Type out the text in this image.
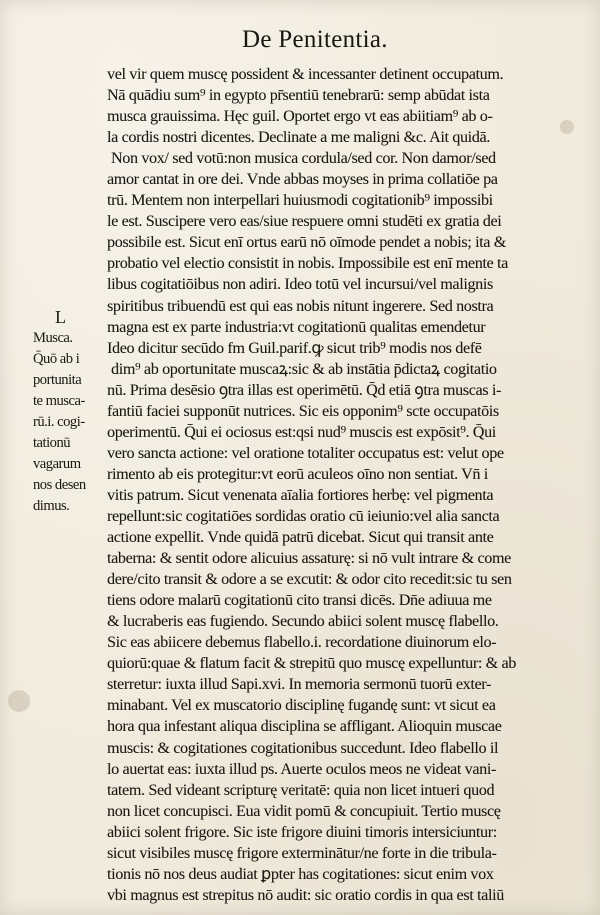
De Penitentia.
vel vir quem muscę possident & incessanter detinent occupatum.
Nā quādiu sum⁹ in egypto pr̄sentiū tenebrarū: semp abūdat ista
musca grauissima. Hęc guil. Oportet ergo vt eas abiitiam⁹ ab o-
la cordis nostri dicentes. Declinate a me maligni &c. Ait quidā.
Non vox/ sed votū:non musica cordula/sed cor. Non damor/sed
amor cantat in ore dei. Vnde abbas moyses in prima collatiōe pa
trū. Mentem non interpellari huiusmodi cogitationib⁹ impossibi
le est. Suscipere vero eas/siue respuere omni studēti ex gratia dei
possibile est. Sicut enī ortus earū nō oīmode pendet a nobis; ita &
probatio vel electio consistit in nobis. Impossibile est enī mente ta
libus cogitatiōibus non adiri. Ideo totū vel incursui/vel malignis
spiritibus tribuendū est qui eas nobis nitunt ingerere. Sed nostra
magna est ex parte industria:vt cogitationū qualitas emendetur
Ideo dicitur secūdo fm Guil.parif.ꝙ sicut trib⁹ modis nos defē
dim⁹ ab oportunitate muscaꝝ:sic & ab instātia p̄dictaꝝ cogitatio
nū. Prima desēsio ꝯtra illas est operimētū. Q̄d etiā ꝯtra muscas i-
fantiū faciei supponūt nutrices. Sic eis opponim⁹ scte occupatōis
operimentū. Q̄ui ei ociosus est:qsi nud⁹ muscis est expōsit⁹. Q̄ui
vero sancta actione: vel oratione totaliter occupatus est: velut ope
rimento ab eis protegitur:vt eorū aculeos oīno non sentiat. Vn̄ i
vitis patrum. Sicut venenata aīalia fortiores herbę: vel pigmenta
repellunt:sic cogitatiōes sordidas oratio cū ieiunio:vel alia sancta
actione expellit. Vnde quidā patrū dicebat. Sicut qui transit ante
taberna: & sentit odore alicuius assaturę: si nō vult intrare & come
dere/cito transit & odore a se excutit: & odor cito recedit:sic tu sen
tiens odore malarū cogitationū cito transi dicēs. Dn̄e adiuua me
& lucraberis eas fugiendo. Secundo abiici solent muscę flabello.
Sic eas abiicere debemus flabello.i. recordatione diuinorum elo-
quiorū:quae & flatum facit & strepitū quo muscę expelluntur: & ab
sterretur: iuxta illud Sapi.xvi. In memoria sermonū tuorū exter-
minabant. Vel ex muscatorio disciplinę fugandę sunt: vt sicut ea
hora qua infestant aliqua disciplina se affligant. Alioquin muscae
muscis: & cogitationes cogitationibus succedunt. Ideo flabello il
lo auertat eas: iuxta illud ps. Auerte oculos meos ne videat vani-
tatem. Sed videant scripturę veritatē: quia non licet intueri quod
non licet concupisci. Eua vidit pomū & concupiuit. Tertio muscę
abiici solent frigore. Sic iste frigore diuini timoris intersiciuntur:
sicut visibiles muscę frigore exterminātur/ne forte in die tribula-
tionis nō nos deus audiat ꝑpter has cogitationes: sicut enim vox
vbi magnus est strepitus nō audit: sic oratio cordis in qua est taliū
L
Musca.
Q̄uō ab i
portunita
te musca-
rū.i. cogi-
tationū
vagarum
nos desen
dimus.
